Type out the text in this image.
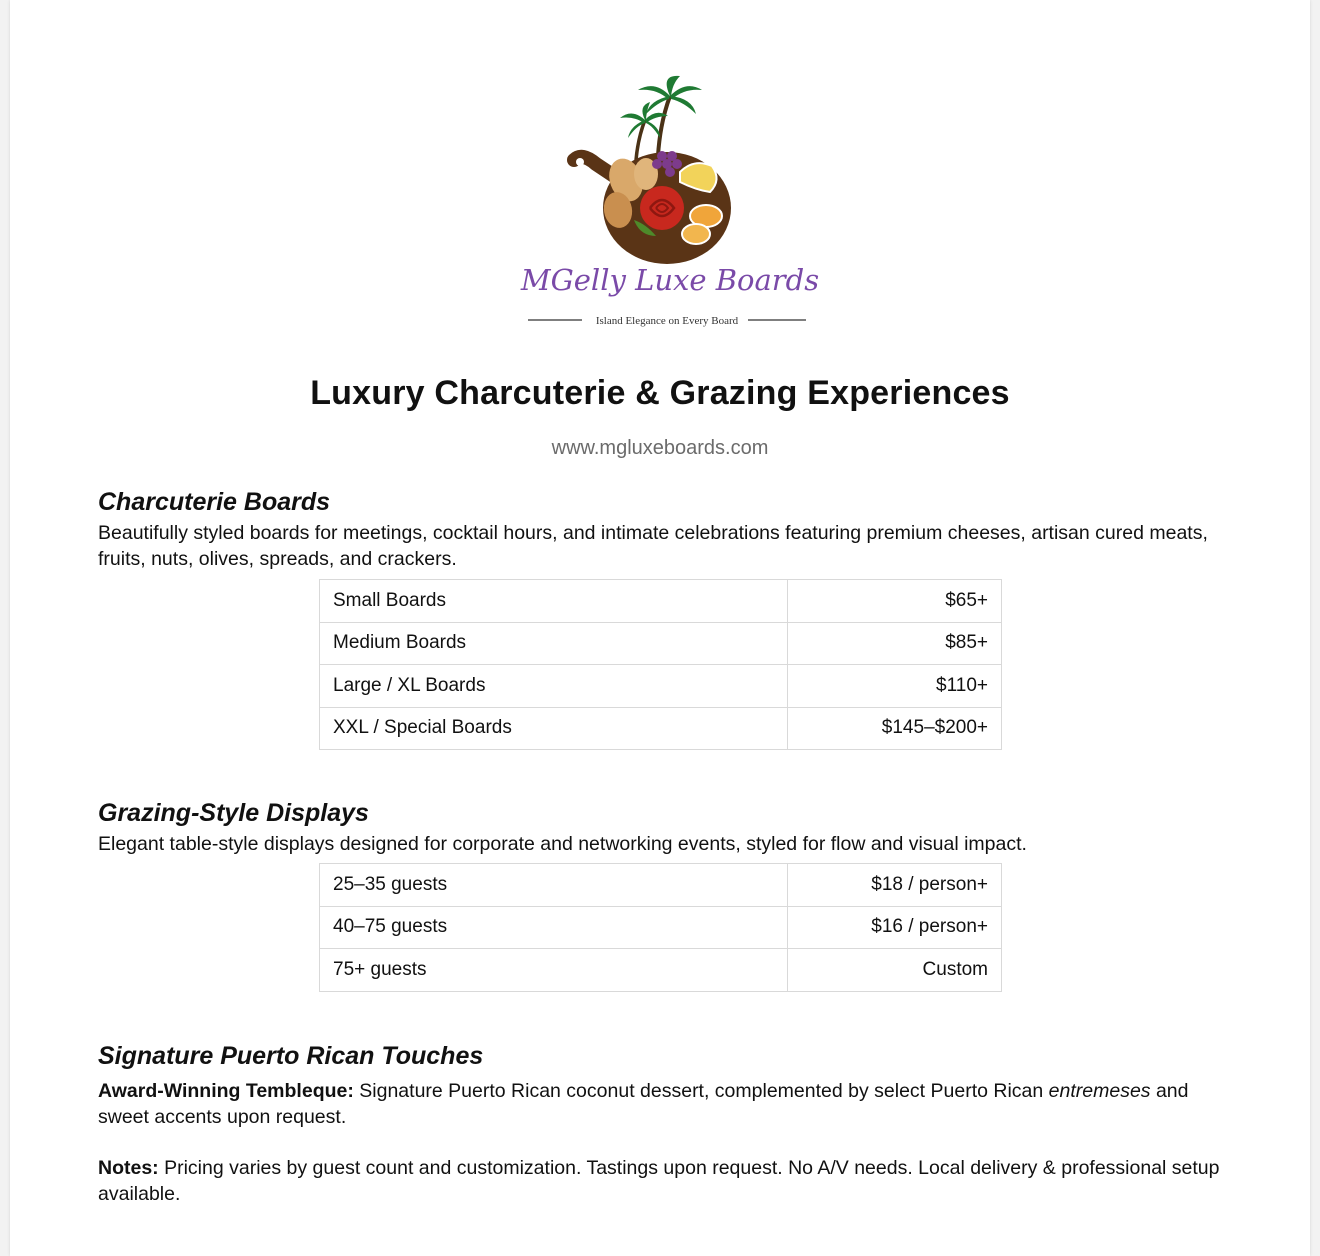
MGelly Luxe Boards
Island Elegance on Every Board
Luxury Charcuterie & Grazing Experiences

www.mgluxeboards.com

Charcuterie Boards

Beautifully styled boards for meetings, cocktail hours, and intimate celebrations featuring premium cheeses, artisan cured meats, fruits, nuts, olives, spreads, and crackers.

Small Boards	$65+
Medium Boards	$85+
Large / XL Boards	$110+
XXL / Special Boards	$145–$200+
Grazing-Style Displays

Elegant table-style displays designed for corporate and networking events, styled for flow and visual impact.

25–35 guests	$18 / person+
40–75 guests	$16 / person+
75+ guests	Custom
Signature Puerto Rican Touches

Award-Winning Tembleque: Signature Puerto Rican coconut dessert, complemented by select Puerto Rican entremeses and sweet accents upon request.

Notes: Pricing varies by guest count and customization. Tastings upon request. No A/V needs. Local delivery & professional setup available.
